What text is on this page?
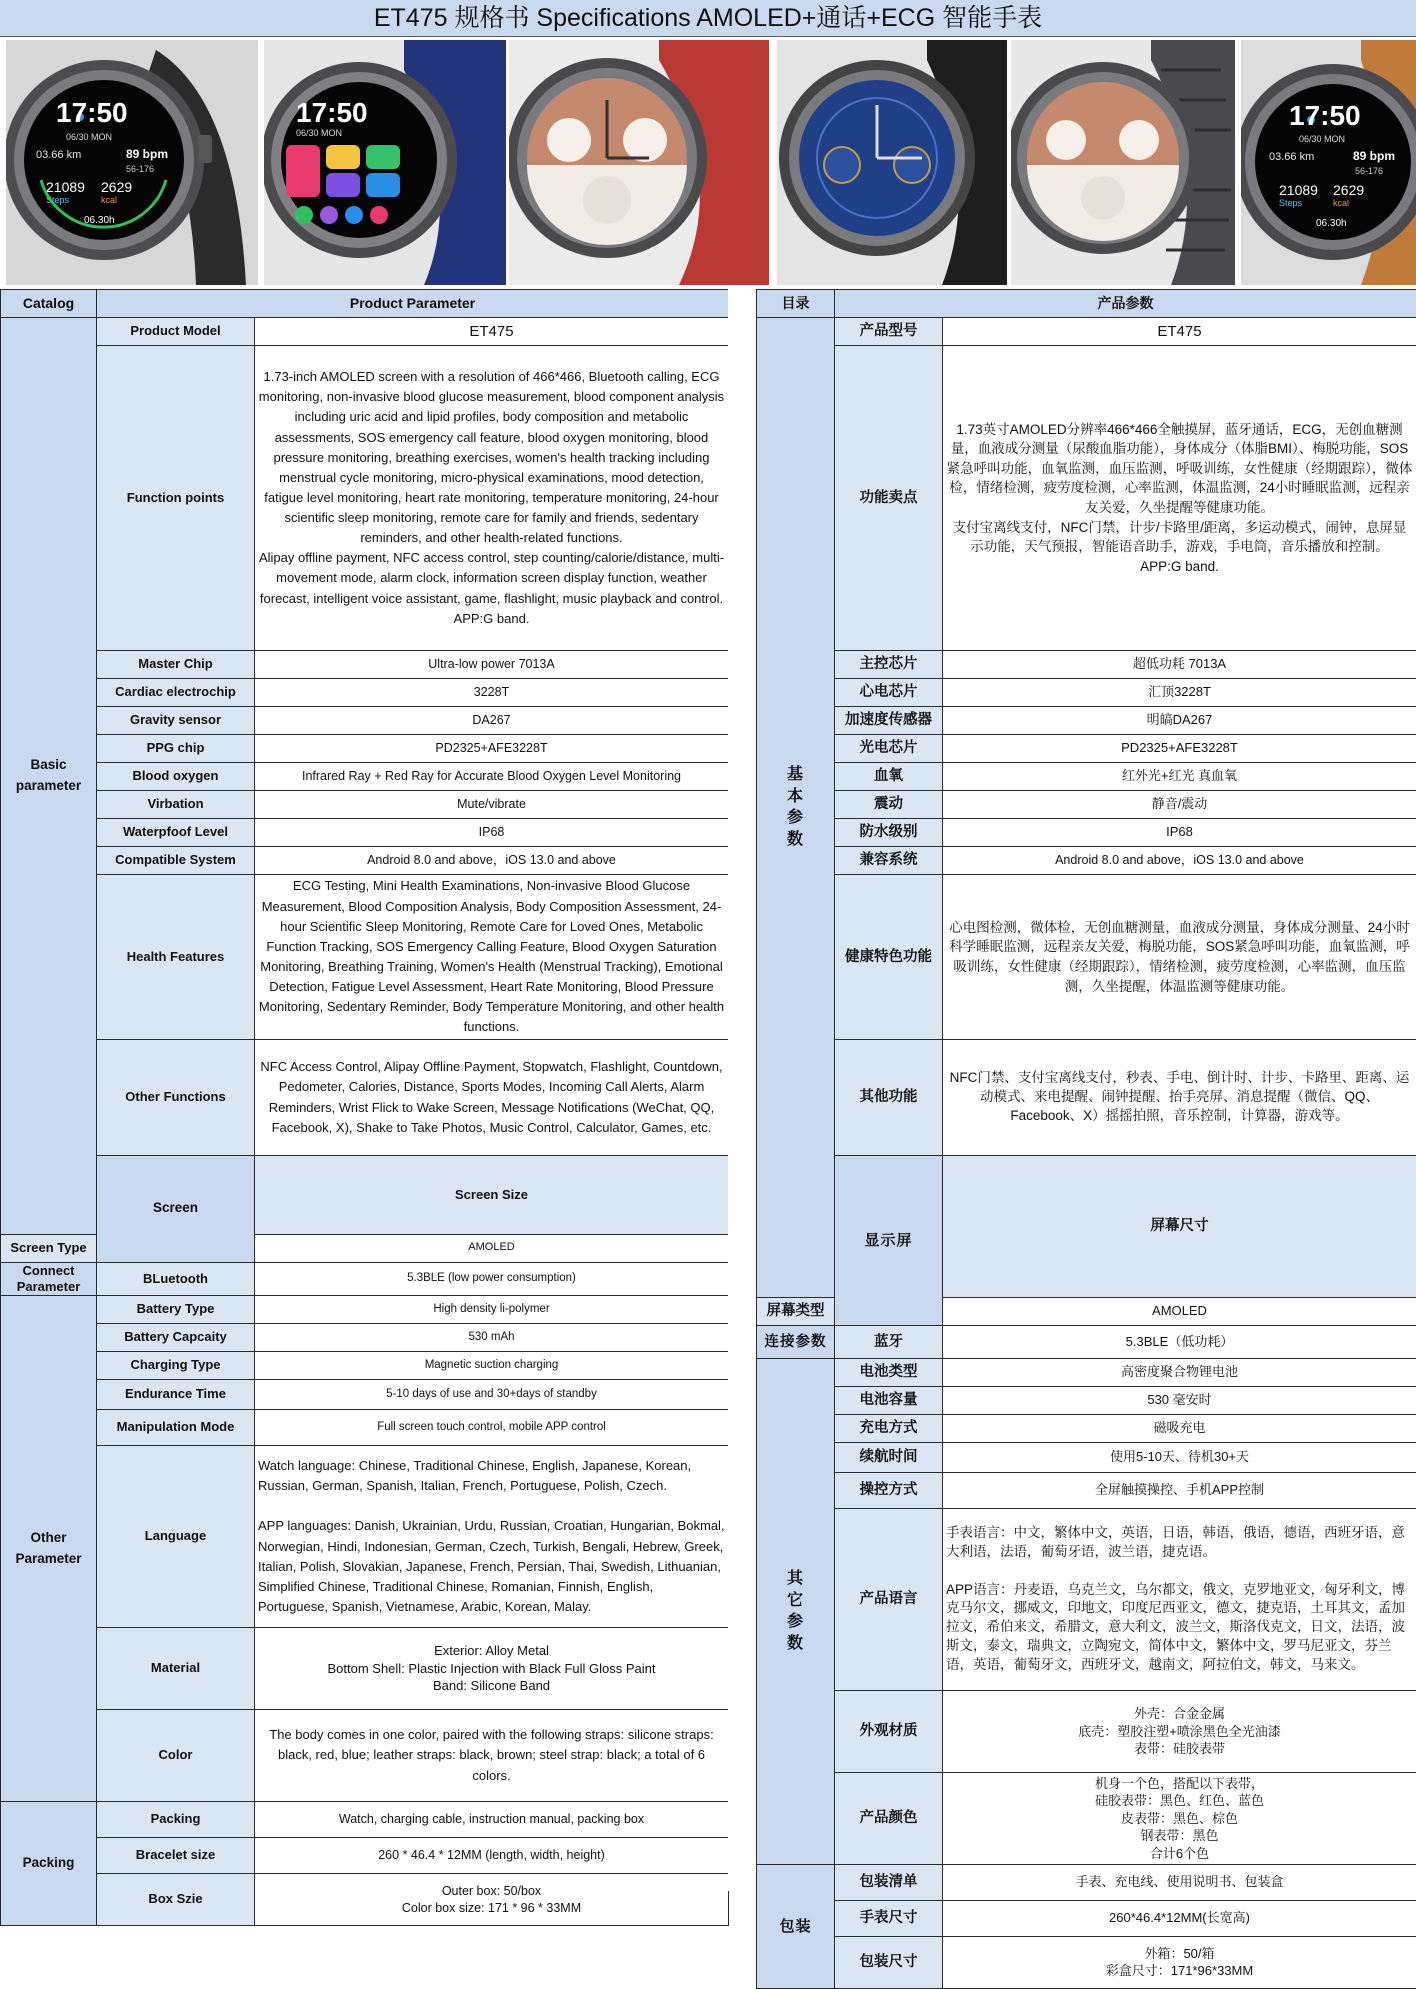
ET475 规格书 Specifications AMOLED+通话+ECG 智能手表
17:50
06/30 MON
03.66 km	89 bpm
56-176
21089
Steps
2629
kcal
06.30h
17:50
06/30 MON
17:50
06/30 MON
03.66 km	89 bpm
56-176
21089
Steps
2629
kcal
06.30h
Catalog	Product Parameter		
Basic parameter	Product Model	ET475	
	Function points	1.73-inch AMOLED screen with a resolution of 466*466, Bluetooth calling, ECG monitoring, non-invasive blood glucose measurement, blood component analysis including uric acid and lipid profiles, body composition and metabolic assessments, SOS emergency call feature, blood oxygen monitoring, blood pressure monitoring, breathing exercises, women's health tracking including menstrual cycle monitoring, micro-physical examinations, mood detection, fatigue level monitoring, heart rate monitoring, temperature monitoring, 24-hour scientific sleep monitoring, remote care for family and friends, sedentary reminders, and other health-related functions.
Alipay offline payment, NFC access control, step counting/calorie/distance, multi-movement mode, alarm clock, information screen display function, weather forecast, intelligent voice assistant, game, flashlight, music playback and control.
APP:G band.	
	Master Chip	Ultra-low power 7013A	
	Cardiac electrochip	3228T	
	Gravity sensor	DA267	
	PPG chip	PD2325+AFE3228T	
	Blood oxygen	Infrared Ray + Red Ray for Accurate Blood Oxygen Level Monitoring	
	Virbation	Mute/vibrate	
	Waterpfoof Level	IP68	
	Compatible System	Android 8.0 and above，iOS 13.0 and above	
	Health Features	ECG Testing, Mini Health Examinations, Non-invasive Blood Glucose Measurement, Blood Composition Analysis, Body Composition Assessment, 24-hour Scientific Sleep Monitoring, Remote Care for Loved Ones, Metabolic Function Tracking, SOS Emergency Calling Feature, Blood Oxygen Saturation Monitoring, Breathing Training, Women's Health (Menstrual Tracking), Emotional Detection, Fatigue Level Assessment, Heart Rate Monitoring, Blood Pressure Monitoring, Sedentary Reminder, Body Temperature Monitoring, and other health functions.	
	Other Functions	NFC Access Control, Alipay Offline Payment, Stopwatch, Flashlight, Countdown, Pedometer, Calories, Distance, Sports Modes, Incoming Call Alerts, Alarm Reminders, Wrist Flick to Wake Screen, Message Notifications (WeChat, QQ, Facebook, X), Shake to Take Photos, Music Control, Calculator, Games, etc.	
	Screen	Screen Size	
Screen Type		AMOLED	
Connect Parameter	BLuetooth	5.3BLE (low power consumption)	
Other Parameter	Battery Type	High density li-polymer	
	Battery Capcaity	530 mAh	
	Charging Type	Magnetic suction charging	
	Endurance Time	5-10 days of use and 30+days of standby	
	Manipulation Mode	Full screen touch control, mobile APP control	
	Language	Watch language: Chinese, Traditional Chinese, English, Japanese, Korean, Russian, German, Spanish, Italian, French, Portuguese, Polish, Czech.

APP languages: Danish, Ukrainian, Urdu, Russian, Croatian, Hungarian, Bokmal, Norwegian, Hindi, Indonesian, German, Czech, Turkish, Bengali, Hebrew, Greek, Italian, Polish, Slovakian, Japanese, French, Persian, Thai, Swedish, Lithuanian, Simplified Chinese, Traditional Chinese, Romanian, Finnish, English, Portuguese, Spanish, Vietnamese, Arabic, Korean, Malay.	
	Material	Exterior: Alloy Metal
Bottom Shell: Plastic Injection with Black Full Gloss Paint
Band: Silicone Band	

	Color	The body comes in one color, paired with the following straps: silicone straps: black, red, blue; leather straps: black, brown; steel strap: black; a total of 6 colors.	
Packing	Packing	Watch, charging cable, instruction manual, packing box	
	Bracelet size	260 * 46.4 * 12MM (length, width, height)	
	Box Szie	Outer box: 50/box
Color box size: 171 * 96 * 33MM	
目录	产品参数		

基
本
参
数	产品型号	ET475	
	功能卖点	1.73英寸AMOLED分辨率466*466全触摸屏，蓝牙通话，ECG，无创血糖测量，血液成分测量（尿酸血脂功能），身体成分（体脂BMI）、梅脱功能，SOS紧急呼叫功能，血氧监测，血压监测，呼吸训练，女性健康（经期跟踪），微体检，情绪检测，疲劳度检测，心率监测，体温监测，24小时睡眠监测，远程亲友关爱，久坐提醒等健康功能。
支付宝离线支付，NFC门禁，计步/卡路里/距离，多运动模式，闹钟，息屏显示功能，天气预报，智能语音助手，游戏，手电筒，音乐播放和控制。
APP:G band.	
	主控芯片	超低功耗 7013A	
	心电芯片	汇顶3228T	
	加速度传感器	明皜DA267	
	光电芯片	PD2325+AFE3228T	
	血氧	红外光+红光 真血氧	
	震动	静音/震动	
	防水级别	IP68	
	兼容系统	Android 8.0 and above，iOS 13.0 and above	
	健康特色功能	心电图检测，微体检，无创血糖测量，血液成分测量，身体成分测量、24小时科学睡眠监测，远程亲友关爱，梅脱功能，SOS紧急呼叫功能，血氧监测，呼吸训练，女性健康（经期跟踪），情绪检测，疲劳度检测，心率监测，血压监测，久坐提醒，体温监测等健康功能。	
	其他功能	NFC门禁、支付宝离线支付，秒表、手电、倒计时、计步、卡路里、距离、运动模式、来电提醒、闹钟提醒、抬手亮屏、消息提醒（微信、QQ、Facebook、X）摇摇拍照，音乐控制，计算器，游戏等。	
	显示屏	屏幕尺寸	
屏幕类型		AMOLED	
连接参数	蓝牙	5.3BLE（低功耗）	

其
它
参
数	电池类型	高密度聚合物锂电池	
	电池容量	530 毫安时	
	充电方式	磁吸充电	
	续航时间	使用5-10天、待机30+天	
	操控方式	全屏触摸操控、手机APP控制	
	产品语言	手表语言：中文，繁体中文，英语，日语，韩语，俄语，德语，西班牙语，意大利语，法语，葡萄牙语，波兰语，捷克语。

APP语言：丹麦语，乌克兰文，乌尔都文，俄文，克罗地亚文，匈牙利文，博克马尔文，挪威文，印地文，印度尼西亚文，德文，捷克语，土耳其文，孟加拉文，希伯来文，希腊文，意大利文，波兰文，斯洛伐克文，日文，法语，波斯文，泰文，瑞典文，立陶宛文，简体中文，繁体中文，罗马尼亚文，芬兰语，英语，葡萄牙文，西班牙文，越南文，阿拉伯文，韩文，马来文。	
	外观材质	外壳：合金金属
底壳：塑胶注塑+喷涂黑色全光油漆
表带：硅胶表带	

	产品颜色	机身一个色，搭配以下表带，
硅胶表带：黑色、红色、蓝色
皮表带：黑色、棕色
钢表带：黑色
合计6个色	

包装	包装清单	手表、充电线、使用说明书、包装盒	
	手表尺寸	260*46.4*12MM(长宽高)	
	包装尺寸	外箱：50/箱
彩盒尺寸：171*96*33MM	
